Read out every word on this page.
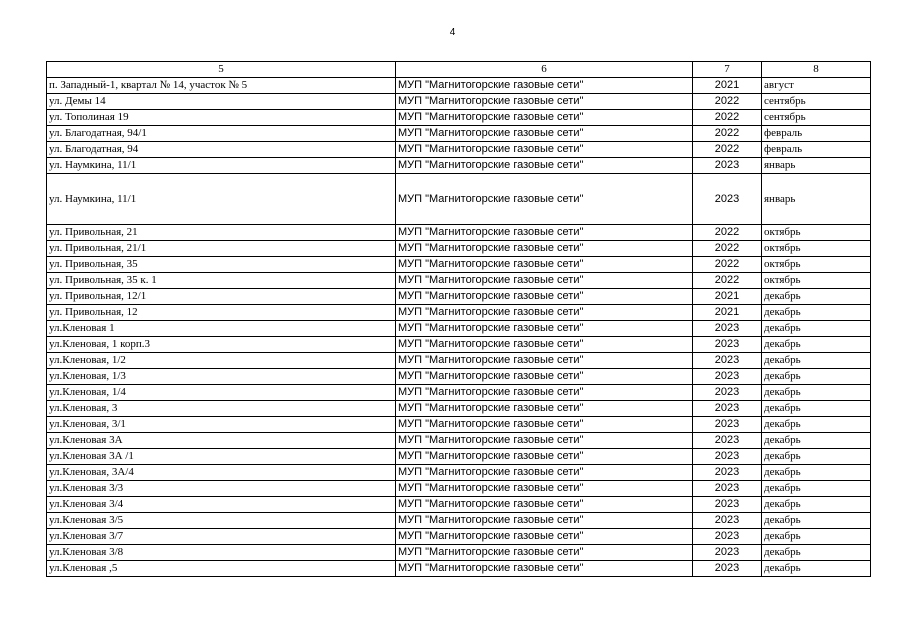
4
5	6	7	8
п. Западный-1, квартал № 14, участок № 5	МУП "Магнитогорские газовые сети"	2021	август
ул. Демы 14	МУП "Магнитогорские газовые сети"	2022	сентябрь
ул. Тополиная 19	МУП "Магнитогорские газовые сети"	2022	сентябрь
ул. Благодатная, 94/1	МУП "Магнитогорские газовые сети"	2022	февраль
ул. Благодатная, 94	МУП "Магнитогорские газовые сети"	2022	февраль
ул. Наумкина, 11/1	МУП "Магнитогорские газовые сети"	2023	январь
ул. Наумкина, 11/1	МУП "Магнитогорские газовые сети"	2023	январь
ул. Привольная, 21	МУП "Магнитогорские газовые сети"	2022	октябрь
ул. Привольная, 21/1	МУП "Магнитогорские газовые сети"	2022	октябрь
ул. Привольная, 35	МУП "Магнитогорские газовые сети"	2022	октябрь
ул. Привольная, 35 к. 1	МУП "Магнитогорские газовые сети"	2022	октябрь
ул. Привольная, 12/1	МУП "Магнитогорские газовые сети"	2021	декабрь
ул. Привольная, 12	МУП "Магнитогорские газовые сети"	2021	декабрь
ул.Кленовая 1	МУП "Магнитогорские газовые сети"	2023	декабрь
ул.Кленовая, 1 корп.3	МУП "Магнитогорские газовые сети"	2023	декабрь
ул.Кленовая, 1/2	МУП "Магнитогорские газовые сети"	2023	декабрь
ул.Кленовая, 1/3	МУП "Магнитогорские газовые сети"	2023	декабрь
ул.Кленовая, 1/4	МУП "Магнитогорские газовые сети"	2023	декабрь
ул.Кленовая, 3	МУП "Магнитогорские газовые сети"	2023	декабрь
ул.Кленовая, 3/1	МУП "Магнитогорские газовые сети"	2023	декабрь
ул.Кленовая 3А	МУП "Магнитогорские газовые сети"	2023	декабрь
ул.Кленовая 3А /1	МУП "Магнитогорские газовые сети"	2023	декабрь
ул.Кленовая, 3А/4	МУП "Магнитогорские газовые сети"	2023	декабрь
ул.Кленовая 3/3	МУП "Магнитогорские газовые сети"	2023	декабрь
ул.Кленовая 3/4	МУП "Магнитогорские газовые сети"	2023	декабрь
ул.Кленовая 3/5	МУП "Магнитогорские газовые сети"	2023	декабрь
ул.Кленовая 3/7	МУП "Магнитогорские газовые сети"	2023	декабрь
ул.Кленовая 3/8	МУП "Магнитогорские газовые сети"	2023	декабрь
ул.Кленовая ,5	МУП "Магнитогорские газовые сети"	2023	декабрь
